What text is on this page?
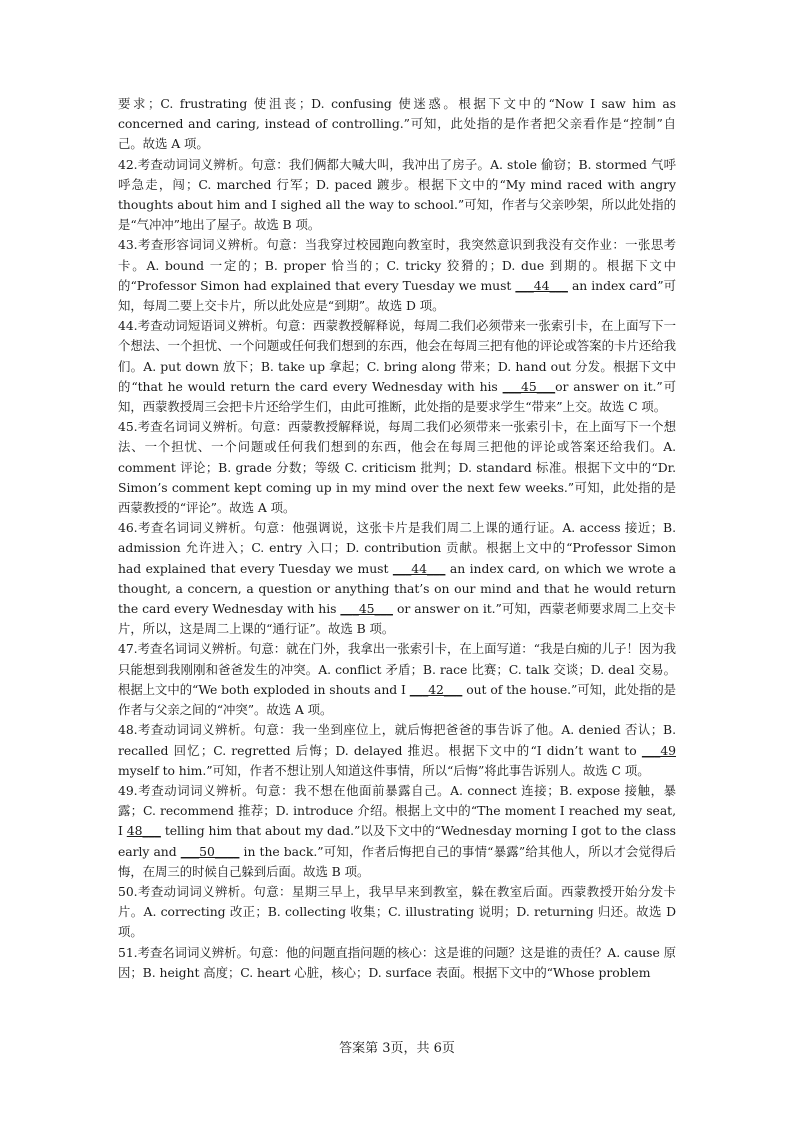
要求；C. frustrating 使沮丧；D. confusing 使迷惑。根据下文中的“Now I saw him as concerned and caring, instead of controlling.”可知，此处指的是作者把父亲看作是“控制”自己。故选 A 项。

42.考查动词词义辨析。句意：我们俩都大喊大叫，我冲出了房子。A. stole 偷窃；B. stormed 气呼呼急走，闯；C. marched 行军；D. paced 踱步。根据下文中的“My mind raced with angry thoughts about him and I sighed all the way to school.”可知，作者与父亲吵架，所以此处指的是“气冲冲”地出了屋子。故选 B 项。

43.考查形容词词义辨析。句意：当我穿过校园跑向教室时，我突然意识到我没有交作业：一张思考卡。A. bound 一定的；B. proper 恰当的；C. tricky 狡猾的；D. due 到期的。根据下文中的“Professor Simon had explained that every Tuesday we must ___44___ an index card”可知，每周二要上交卡片，所以此处应是“到期”。故选 D 项。

44.考查动词短语词义辨析。句意：西蒙教授解释说，每周二我们必须带来一张索引卡，在上面写下一个想法、一个担忧、一个问题或任何我们想到的东西，他会在每周三把有他的评论或答案的卡片还给我们。A. put down 放下；B. take up 拿起；C. bring along 带来；D. hand out 分发。根据下文中的“that he would return the card every Wednesday with his ___45___or answer on it.”可知，西蒙教授周三会把卡片还给学生们，由此可推断，此处指的是要求学生“带来”上交。故选 C 项。

45.考查名词词义辨析。句意：西蒙教授解释说，每周二我们必须带来一张索引卡，在上面写下一个想法、一个担忧、一个问题或任何我们想到的东西，他会在每周三把他的评论或答案还给我们。A. comment 评论；B. grade 分数；等级 C. criticism 批判；D. standard 标准。根据下文中的“Dr. Simon’s comment kept coming up in my mind over the next few weeks.”可知，此处指的是西蒙教授的“评论”。故选 A 项。

46.考查名词词义辨析。句意：他强调说，这张卡片是我们周二上课的通行证。A. access 接近；B. admission 允许进入；C. entry 入口；D. contribution 贡献。根据上文中的“Professor Simon had explained that every Tuesday we must ___44___ an index card, on which we wrote a thought, a concern, a question or anything that’s on our mind and that he would return the card every Wednesday with his ___45___ or answer on it.”可知，西蒙老师要求周二上交卡片，所以，这是周二上课的“通行证”。故选 B 项。

47.考查名词词义辨析。句意：就在门外，我拿出一张索引卡，在上面写道：“我是白痴的儿子！因为我只能想到我刚刚和爸爸发生的冲突。A. conflict 矛盾；B. race 比赛；C. talk 交谈；D. deal 交易。根据上文中的“We both exploded in shouts and I ___42___ out of the house.”可知，此处指的是作者与父亲之间的“冲突”。故选 A 项。

48.考查动词词义辨析。句意：我一坐到座位上，就后悔把爸爸的事告诉了他。A. denied 否认；B. recalled 回忆；C. regretted 后悔；D. delayed 推迟。根据下文中的“I didn’t want to ___49 myself to him.”可知，作者不想让别人知道这件事情，所以“后悔”将此事告诉别人。故选 C 项。

49.考查动词词义辨析。句意：我不想在他面前暴露自己。A. connect 连接；B. expose 接触，暴露；C. recommend 推荐；D. introduce 介绍。根据上文中的“The moment I reached my seat, I 48___ telling him that about my dad.”以及下文中的“Wednesday morning I got to the class early and ___50____ in the back.”可知，作者后悔把自己的事情“暴露”给其他人，所以才会觉得后悔，在周三的时候自己躲到后面。故选 B 项。

50.考查动词词义辨析。句意：星期三早上，我早早来到教室，躲在教室后面。西蒙教授开始分发卡片。A. correcting 改正；B. collecting 收集；C. illustrating 说明；D. returning 归还。故选 D 项。

51.考查名词词义辨析。句意：他的问题直指问题的核心：这是谁的问题？这是谁的责任？A. cause 原因；B. height 高度；C. heart 心脏，核心；D. surface 表面。根据下文中的“Whose problem

答案第 3页，共 6页
